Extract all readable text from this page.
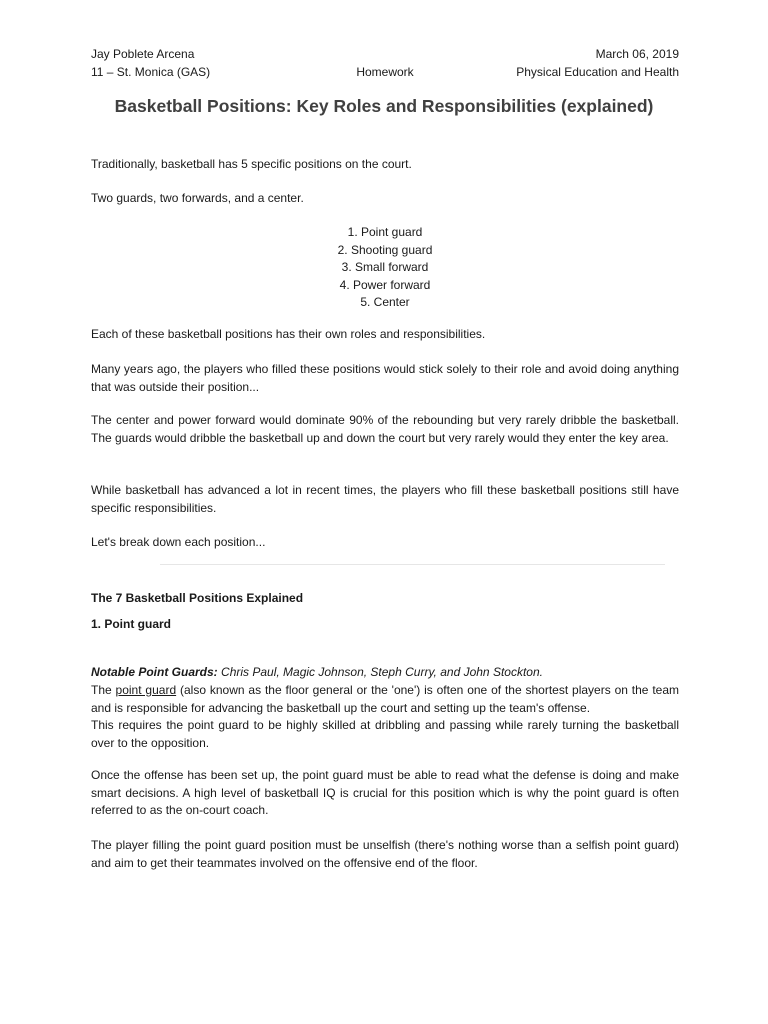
Jay Poblete Arcena	March 06, 2019
11 – St. Monica (GAS)	Homework	Physical Education and Health
Basketball Positions: Key Roles and Responsibilities (explained)

Traditionally, basketball has 5 specific positions on the court.

Two guards, two forwards, and a center.

1. Point guard
2. Shooting guard
3. Small forward
4. Power forward
5. Center

Each of these basketball positions has their own roles and responsibilities.

Many years ago, the players who filled these positions would stick solely to their role and avoid doing anything that was outside their position...

The center and power forward would dominate 90% of the rebounding but very rarely dribble the basketball. The guards would dribble the basketball up and down the court but very rarely would they enter the key area.

While basketball has advanced a lot in recent times, the players who fill these basketball positions still have specific responsibilities.

Let's break down each position...

The 7 Basketball Positions Explained

1. Point guard

Notable Point Guards: Chris Paul, Magic Johnson, Steph Curry, and John Stockton.

The point guard (also known as the floor general or the 'one') is often one of the shortest players on the team and is responsible for advancing the basketball up the court and setting up the team's offense.

This requires the point guard to be highly skilled at dribbling and passing while rarely turning the basketball over to the opposition.

Once the offense has been set up, the point guard must be able to read what the defense is doing and make smart decisions. A high level of basketball IQ is crucial for this position which is why the point guard is often referred to as the on-court coach.

The player filling the point guard position must be unselfish (there's nothing worse than a selfish point guard) and aim to get their teammates involved on the offensive end of the floor.
